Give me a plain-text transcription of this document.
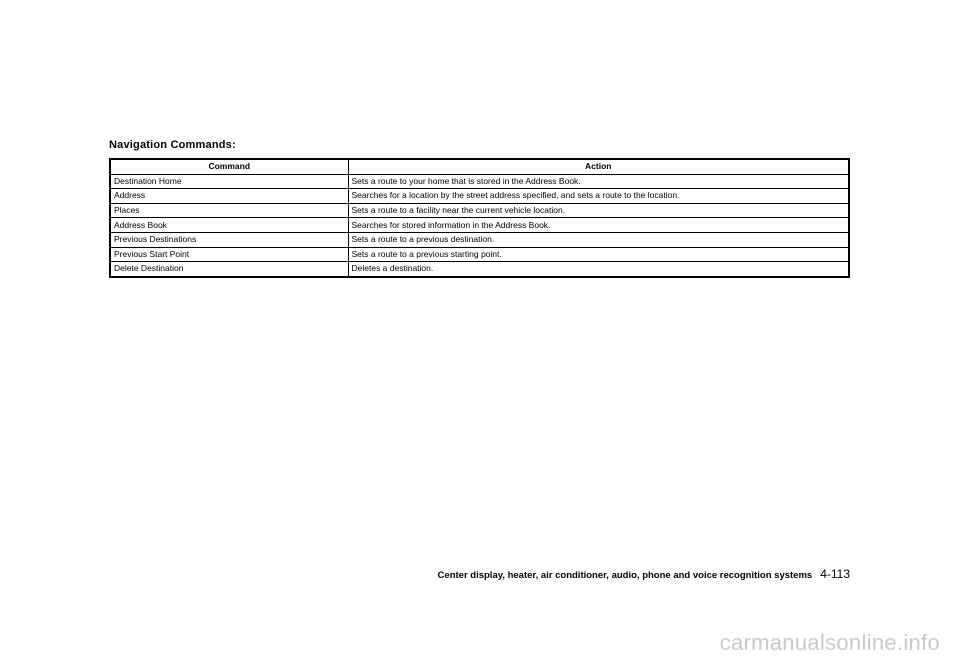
Navigation Commands:
Command	Action
Destination Home	Sets a route to your home that is stored in the Address Book.
Address	Searches for a location by the street address specified, and sets a route to the location.
Places	Sets a route to a facility near the current vehicle location.
Address Book	Searches for stored information in the Address Book.
Previous Destinations	Sets a route to a previous destination.
Previous Start Point	Sets a route to a previous starting point.
Delete Destination	Deletes a destination.
Center display, heater, air conditioner, audio, phone and voice recognition systems 4-113
carmanualsonline.info
